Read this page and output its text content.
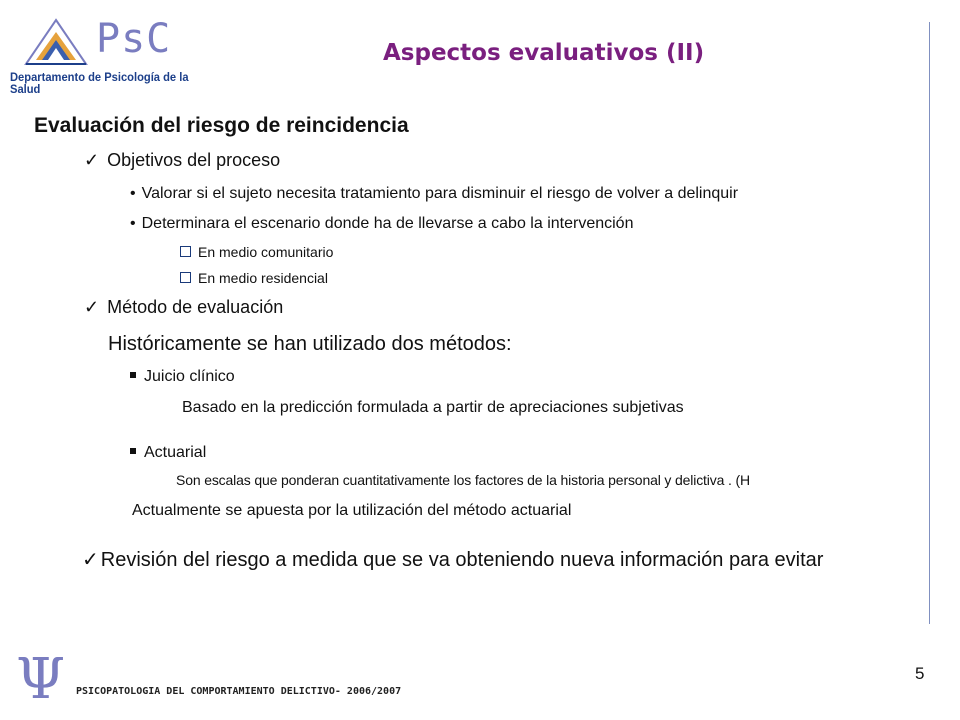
PsC
Departamento de Psicología de la Salud
Aspectos evaluativos (II)
Evaluación del riesgo de reincidencia
✓ Objetivos del proceso
• Valorar si el sujeto necesita tratamiento para disminuir el riesgo de volver a delinquir
• Determinara el escenario donde ha de llevarse a cabo la intervención
En medio comunitario
En medio residencial
✓ Método de evaluación
Históricamente se han utilizado dos métodos:
Juicio clínico
Basado en la predicción formulada a partir de apreciaciones subjetivas
Actuarial
Son escalas que ponderan cuantitativamente los factores de la historia personal y delictiva . (H
Actualmente se apuesta por la utilización del método actuarial
✓ Revisión del riesgo a medida que se va obteniendo nueva información para evitar
Ψ PSICOPATOLOGIA DEL COMPORTAMIENTO DELICTIVO- 2006/2007
5
